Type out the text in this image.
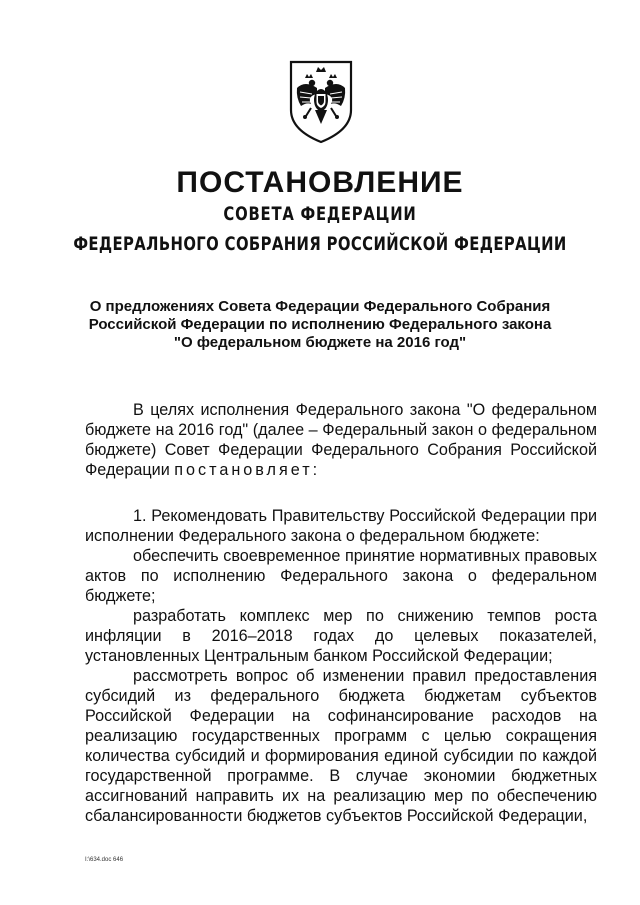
ПОСТАНОВЛЕНИЕ
СОВЕТА ФЕДЕРАЦИИ
ФЕДЕРАЛЬНОГО СОБРАНИЯ РОССИЙСКОЙ ФЕДЕРАЦИИ
О предложениях Совета Федерации Федерального Собрания
Российской Федерации по исполнению Федерального закона
"О федеральном бюджете на 2016 год"

В целях исполнения Федерального закона "О федеральном бюджете на 2016 год" (далее – Федеральный закон о федеральном бюджете) Совет Федерации Федерального Собрания Российской Федерации постановляет:

1. Рекомендовать Правительству Российской Федерации при исполнении Федерального закона о федеральном бюджете:

обеспечить своевременное принятие нормативных правовых актов по исполнению Федерального закона о федеральном бюджете;

разработать комплекс мер по снижению темпов роста инфляции в 2016–2018 годах до целевых показателей, установленных Центральным банком Российской Федерации;

рассмотреть вопрос об изменении правил предоставления субсидий из федерального бюджета бюджетам субъектов Российской Федерации на софинансирование расходов на реализацию государственных программ с целью сокращения количества субсидий и формирования единой субсидии по каждой государственной программе. В случае экономии бюджетных ассигнований направить их на реализацию мер по обеспечению сбалансированности бюджетов субъектов Российской Федерации,

I:\634.doc 646
